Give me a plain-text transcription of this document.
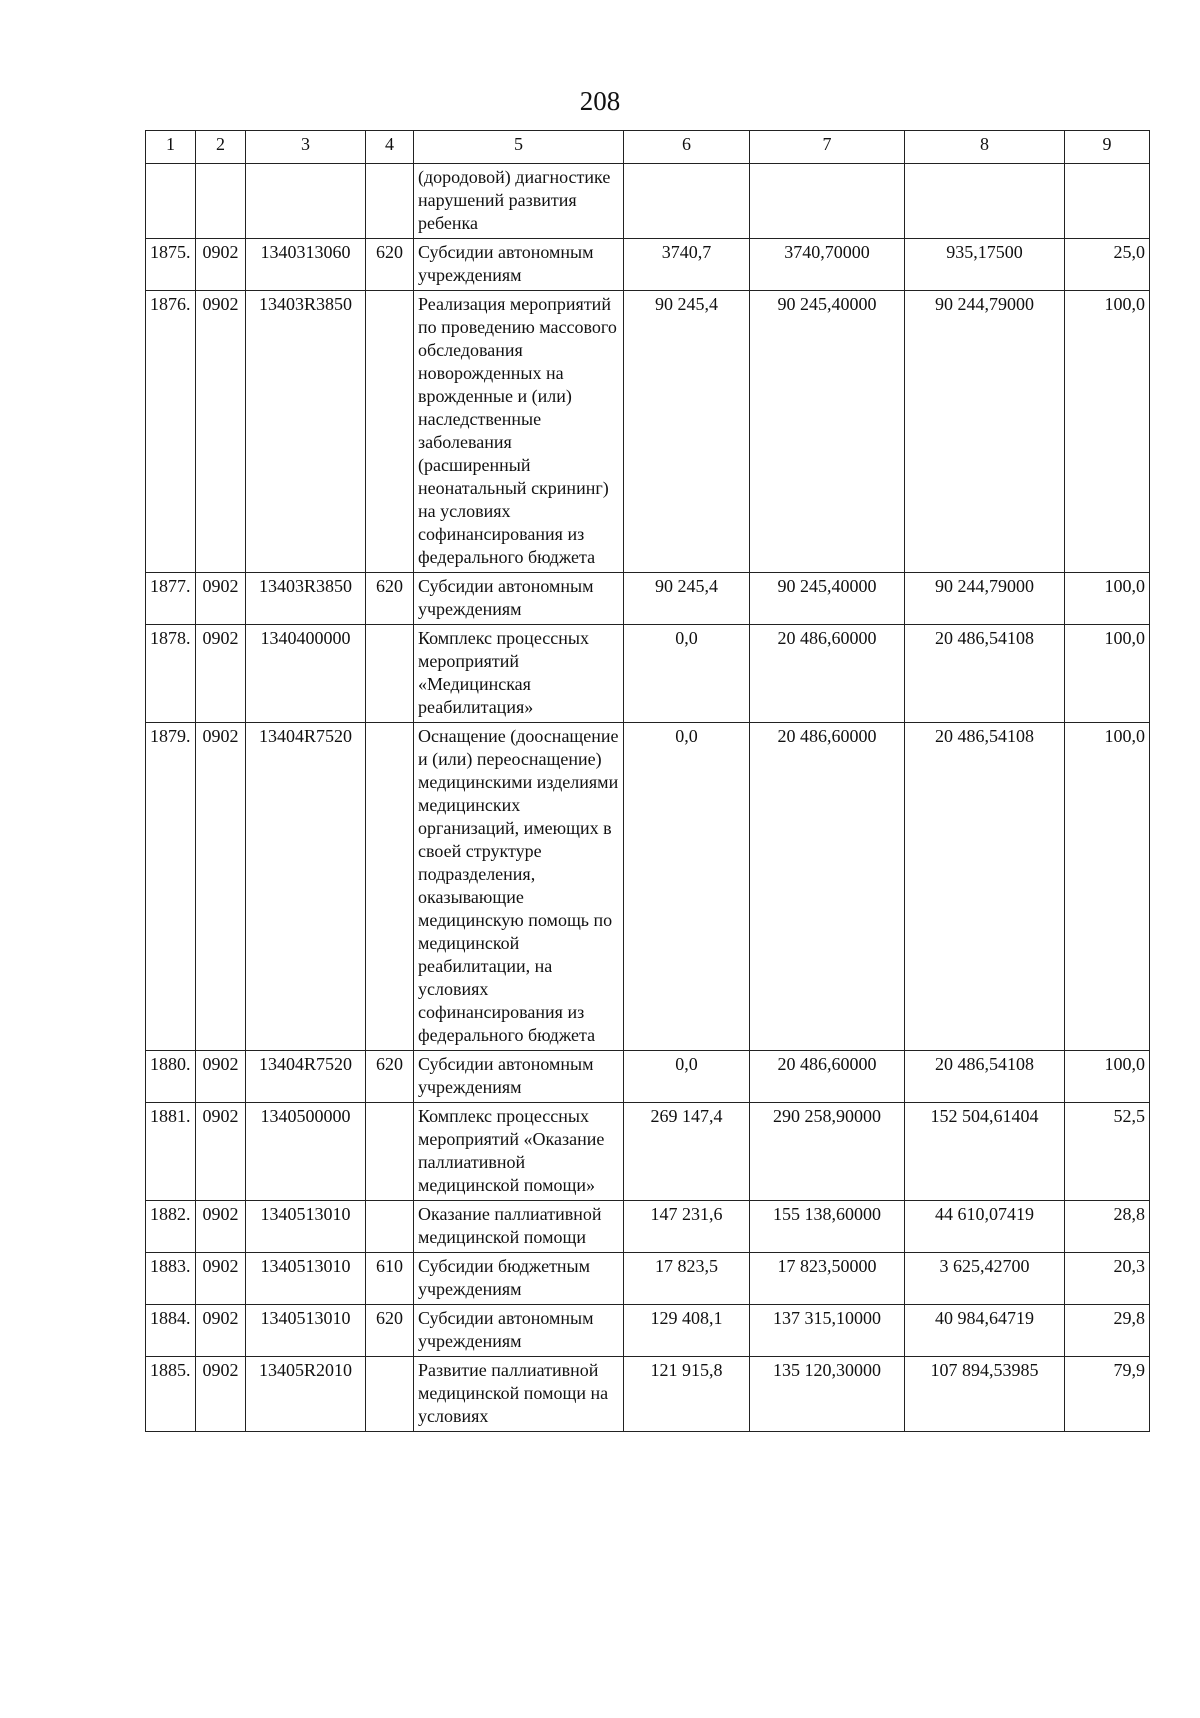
208
1	2	3	4	5	6	7	8	9
				(дородовой) диагностике нарушений развития ребенка				
1875.	0902	1340313060	620	Субсидии автономным учреждениям	3740,7	3740,70000	935,17500	25,0
1876.	0902	13403R3850		Реализация мероприятий по проведению массового обследования новорожденных на врожденные и (или) наследственные заболевания (расширенный неонатальный скрининг) на условиях софинансирования из федерального бюджета	90 245,4	90 245,40000	90 244,79000	100,0
1877.	0902	13403R3850	620	Субсидии автономным учреждениям	90 245,4	90 245,40000	90 244,79000	100,0
1878.	0902	1340400000		Комплекс процессных мероприятий «Медицинская реабилитация»	0,0	20 486,60000	20 486,54108	100,0
1879.	0902	13404R7520		Оснащение (дооснащение и (или) переоснащение) медицинскими изделиями медицинских организаций, имеющих в своей структуре подразделения, оказывающие медицинскую помощь по медицинской реабилитации, на условиях софинансирования из федерального бюджета	0,0	20 486,60000	20 486,54108	100,0
1880.	0902	13404R7520	620	Субсидии автономным учреждениям	0,0	20 486,60000	20 486,54108	100,0
1881.	0902	1340500000		Комплекс процессных мероприятий «Оказание паллиативной медицинской помощи»	269 147,4	290 258,90000	152 504,61404	52,5
1882.	0902	1340513010		Оказание паллиативной медицинской помощи	147 231,6	155 138,60000	44 610,07419	28,8
1883.	0902	1340513010	610	Субсидии бюджетным учреждениям	17 823,5	17 823,50000	3 625,42700	20,3
1884.	0902	1340513010	620	Субсидии автономным учреждениям	129 408,1	137 315,10000	40 984,64719	29,8
1885.	0902	13405R2010		Развитие паллиативной медицинской помощи на условиях	121 915,8	135 120,30000	107 894,53985	79,9
